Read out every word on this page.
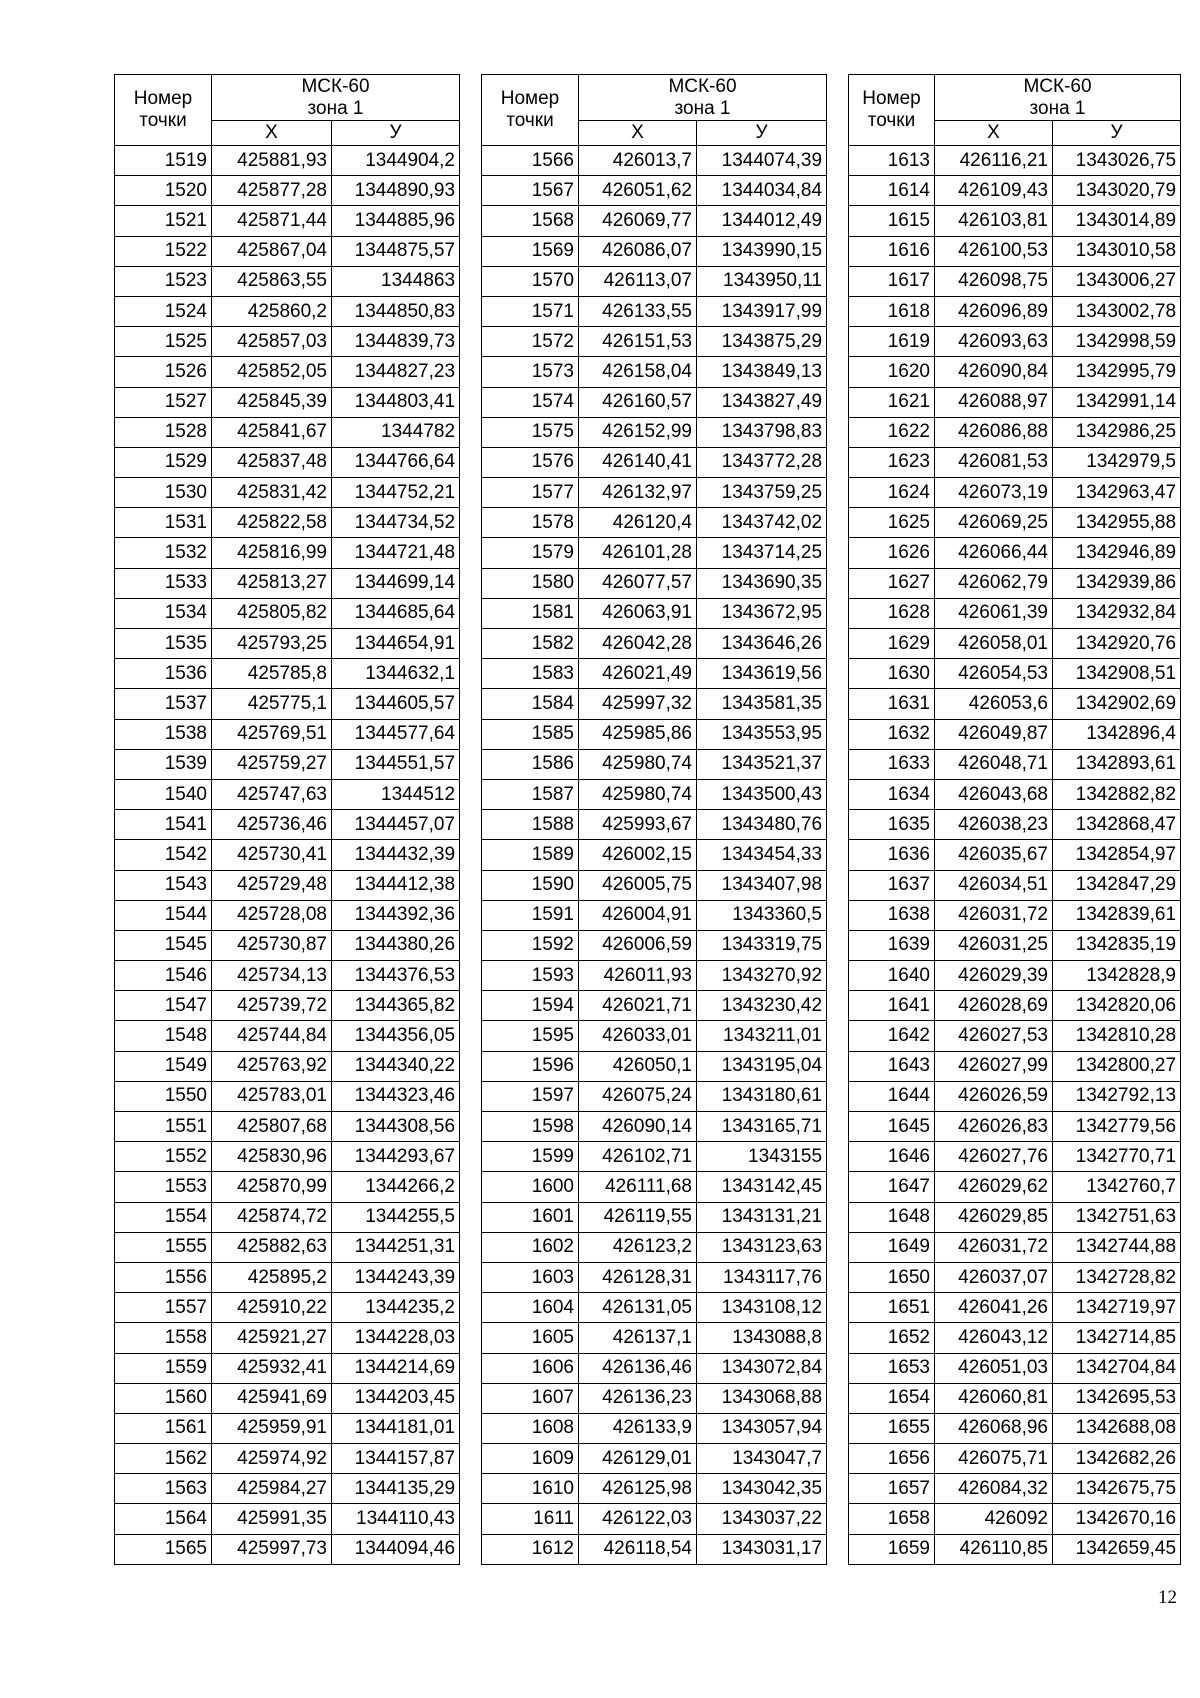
Номер
точки	МСК-60
зона 1	

	X	У
1519	425881,93	1344904,2
1520	425877,28	1344890,93
1521	425871,44	1344885,96
1522	425867,04	1344875,57
1523	425863,55	1344863
1524	425860,2	1344850,83
1525	425857,03	1344839,73
1526	425852,05	1344827,23
1527	425845,39	1344803,41
1528	425841,67	1344782
1529	425837,48	1344766,64
1530	425831,42	1344752,21
1531	425822,58	1344734,52
1532	425816,99	1344721,48
1533	425813,27	1344699,14
1534	425805,82	1344685,64
1535	425793,25	1344654,91
1536	425785,8	1344632,1
1537	425775,1	1344605,57
1538	425769,51	1344577,64
1539	425759,27	1344551,57
1540	425747,63	1344512
1541	425736,46	1344457,07
1542	425730,41	1344432,39
1543	425729,48	1344412,38
1544	425728,08	1344392,36
1545	425730,87	1344380,26
1546	425734,13	1344376,53
1547	425739,72	1344365,82
1548	425744,84	1344356,05
1549	425763,92	1344340,22
1550	425783,01	1344323,46
1551	425807,68	1344308,56
1552	425830,96	1344293,67
1553	425870,99	1344266,2
1554	425874,72	1344255,5
1555	425882,63	1344251,31
1556	425895,2	1344243,39
1557	425910,22	1344235,2
1558	425921,27	1344228,03
1559	425932,41	1344214,69
1560	425941,69	1344203,45
1561	425959,91	1344181,01
1562	425974,92	1344157,87
1563	425984,27	1344135,29
1564	425991,35	1344110,43
1565	425997,73	1344094,46
Номер
точки	МСК-60
зона 1	

	X	У
1566	426013,7	1344074,39
1567	426051,62	1344034,84
1568	426069,77	1344012,49
1569	426086,07	1343990,15
1570	426113,07	1343950,11
1571	426133,55	1343917,99
1572	426151,53	1343875,29
1573	426158,04	1343849,13
1574	426160,57	1343827,49
1575	426152,99	1343798,83
1576	426140,41	1343772,28
1577	426132,97	1343759,25
1578	426120,4	1343742,02
1579	426101,28	1343714,25
1580	426077,57	1343690,35
1581	426063,91	1343672,95
1582	426042,28	1343646,26
1583	426021,49	1343619,56
1584	425997,32	1343581,35
1585	425985,86	1343553,95
1586	425980,74	1343521,37
1587	425980,74	1343500,43
1588	425993,67	1343480,76
1589	426002,15	1343454,33
1590	426005,75	1343407,98
1591	426004,91	1343360,5
1592	426006,59	1343319,75
1593	426011,93	1343270,92
1594	426021,71	1343230,42
1595	426033,01	1343211,01
1596	426050,1	1343195,04
1597	426075,24	1343180,61
1598	426090,14	1343165,71
1599	426102,71	1343155
1600	426111,68	1343142,45
1601	426119,55	1343131,21
1602	426123,2	1343123,63
1603	426128,31	1343117,76
1604	426131,05	1343108,12
1605	426137,1	1343088,8
1606	426136,46	1343072,84
1607	426136,23	1343068,88
1608	426133,9	1343057,94
1609	426129,01	1343047,7
1610	426125,98	1343042,35
1611	426122,03	1343037,22
1612	426118,54	1343031,17
Номер
точки	МСК-60
зона 1	

	X	У
1613	426116,21	1343026,75
1614	426109,43	1343020,79
1615	426103,81	1343014,89
1616	426100,53	1343010,58
1617	426098,75	1343006,27
1618	426096,89	1343002,78
1619	426093,63	1342998,59
1620	426090,84	1342995,79
1621	426088,97	1342991,14
1622	426086,88	1342986,25
1623	426081,53	1342979,5
1624	426073,19	1342963,47
1625	426069,25	1342955,88
1626	426066,44	1342946,89
1627	426062,79	1342939,86
1628	426061,39	1342932,84
1629	426058,01	1342920,76
1630	426054,53	1342908,51
1631	426053,6	1342902,69
1632	426049,87	1342896,4
1633	426048,71	1342893,61
1634	426043,68	1342882,82
1635	426038,23	1342868,47
1636	426035,67	1342854,97
1637	426034,51	1342847,29
1638	426031,72	1342839,61
1639	426031,25	1342835,19
1640	426029,39	1342828,9
1641	426028,69	1342820,06
1642	426027,53	1342810,28
1643	426027,99	1342800,27
1644	426026,59	1342792,13
1645	426026,83	1342779,56
1646	426027,76	1342770,71
1647	426029,62	1342760,7
1648	426029,85	1342751,63
1649	426031,72	1342744,88
1650	426037,07	1342728,82
1651	426041,26	1342719,97
1652	426043,12	1342714,85
1653	426051,03	1342704,84
1654	426060,81	1342695,53
1655	426068,96	1342688,08
1656	426075,71	1342682,26
1657	426084,32	1342675,75
1658	426092	1342670,16
1659	426110,85	1342659,45
12
